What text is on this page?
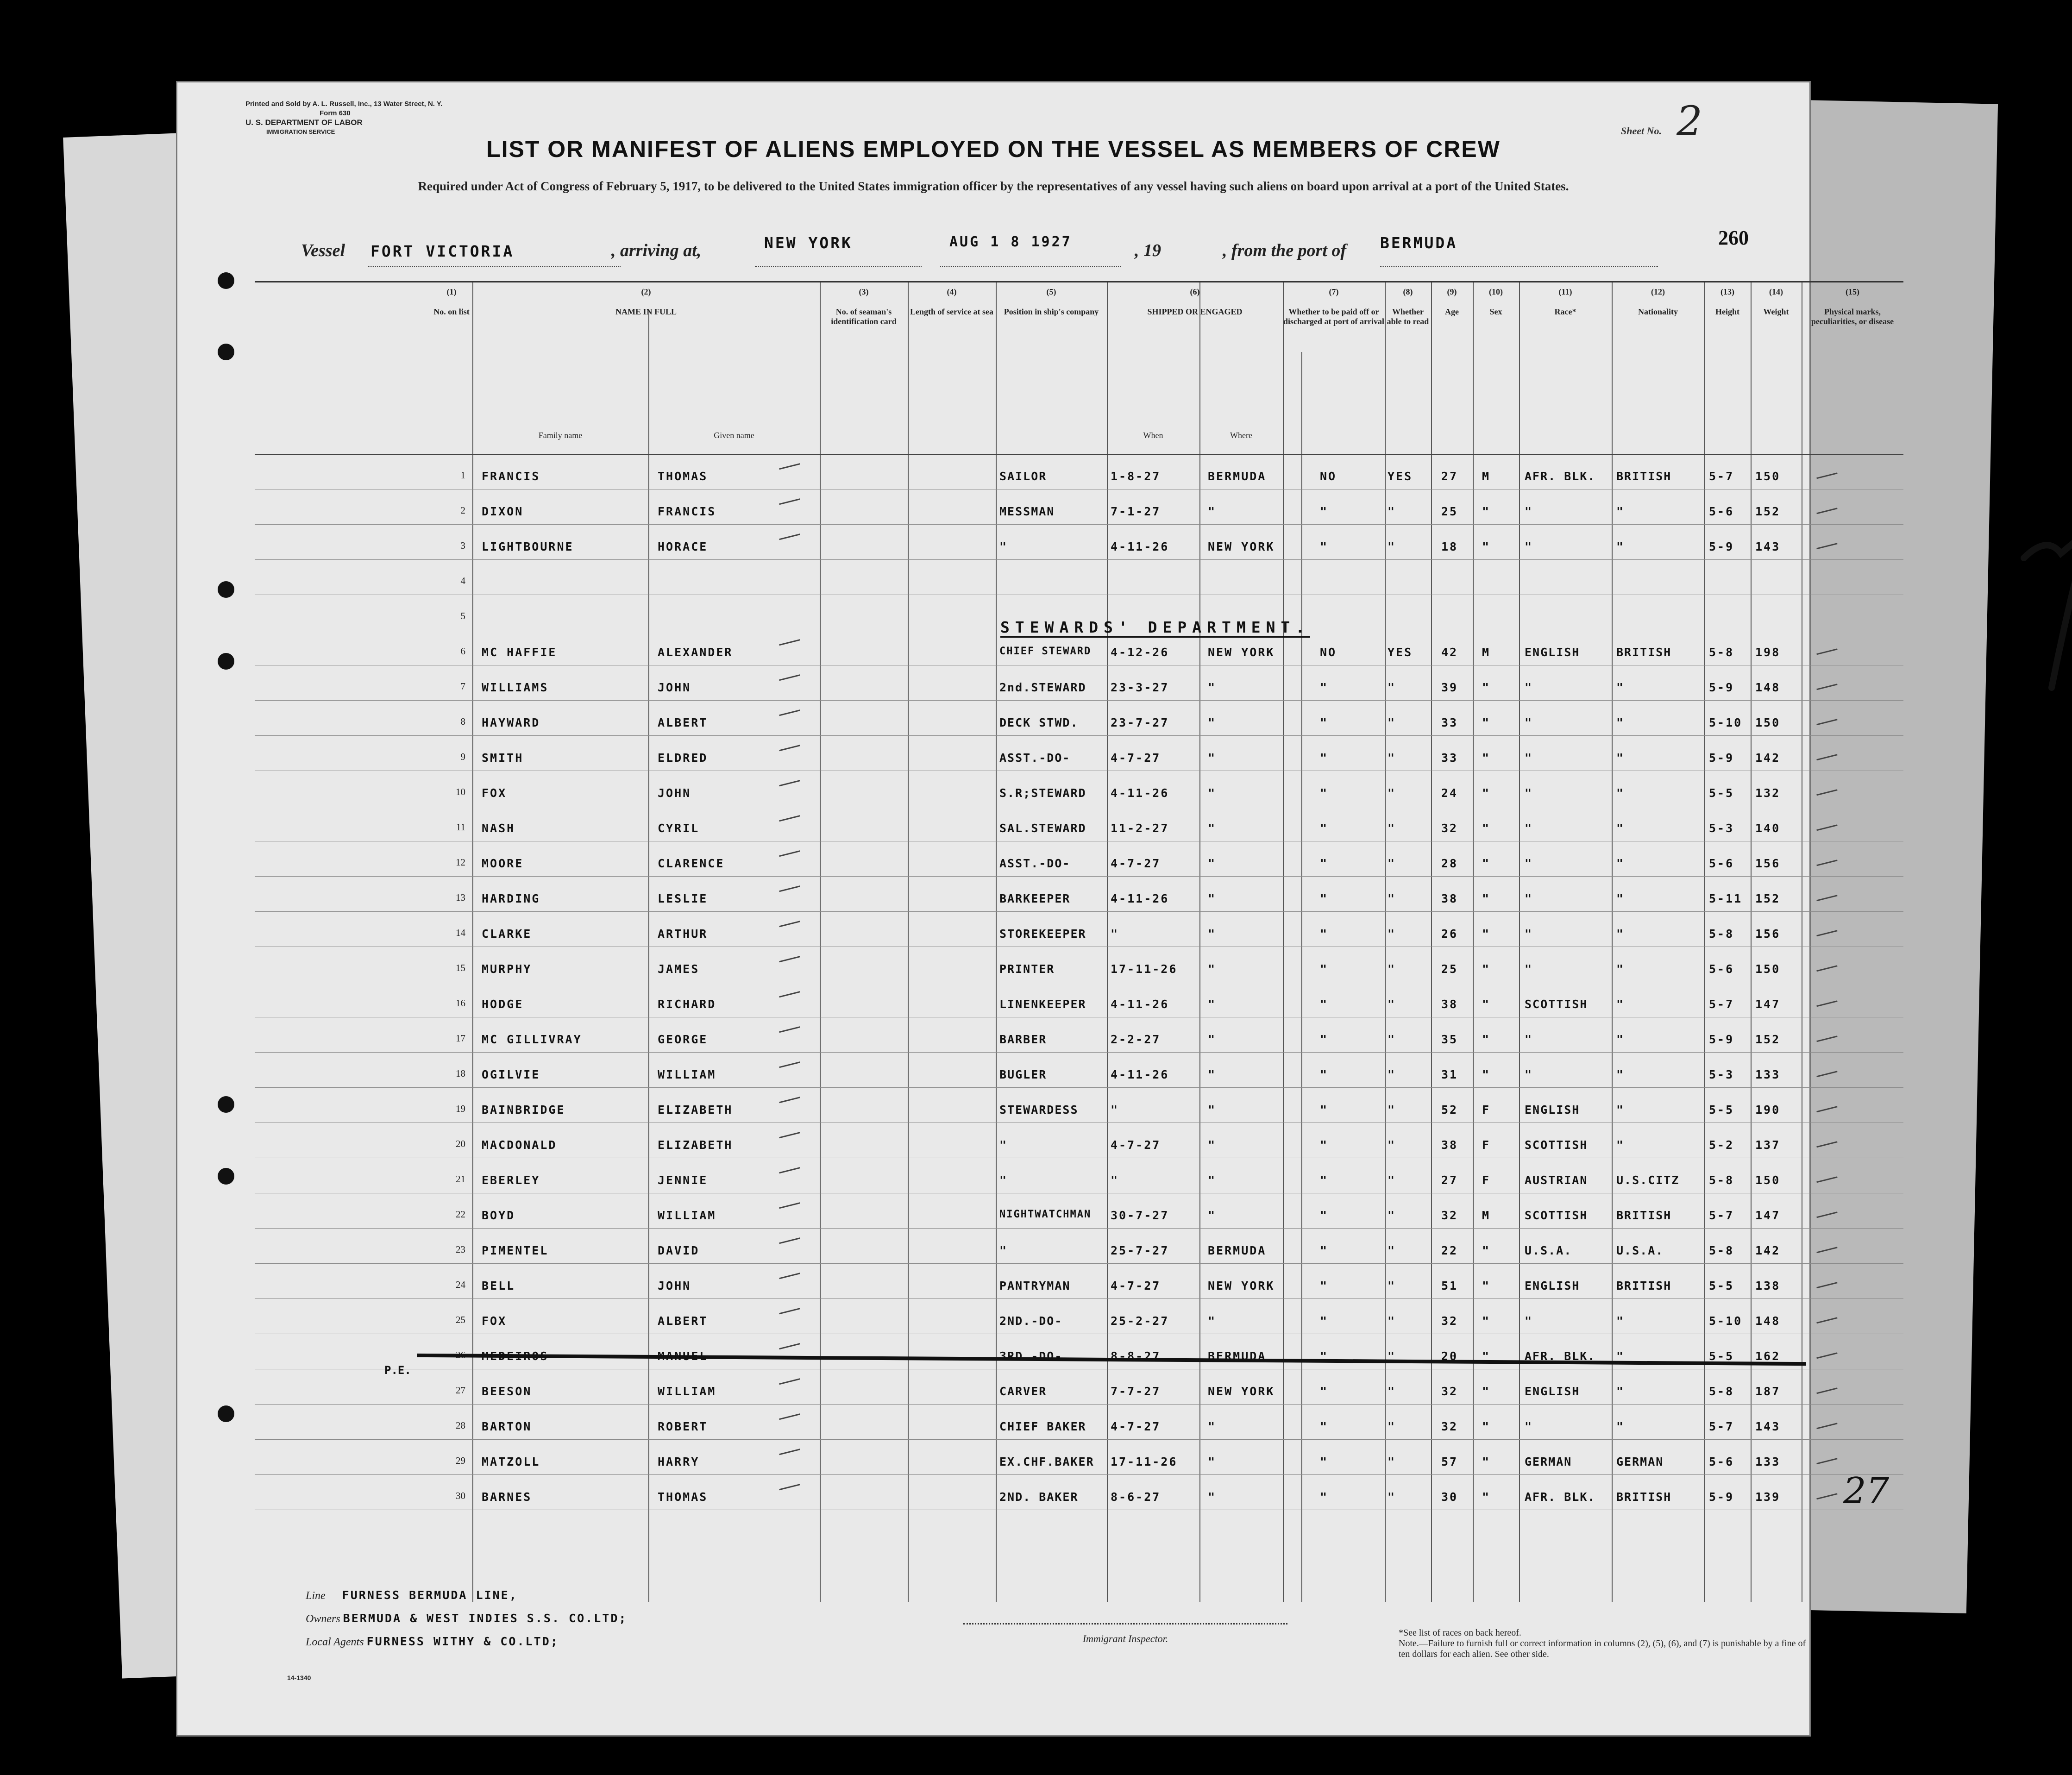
Printed and Sold by A. L. Russell, Inc., 13 Water Street, N. Y.
Form 630
U. S. DEPARTMENT OF LABOR
IMMIGRATION SERVICE	Sheet No. 2
LIST OR MANIFEST OF ALIENS EMPLOYED ON THE VESSEL AS MEMBERS OF CREW
Required under Act of Congress of February 5, 1917, to be delivered to the United States immigration officer by the representatives of any vessel having such aliens on board upon arrival at a port of the United States.
260
Vessel FORT VICTORIA	, arriving at,	NEW YORK	AUG 1 8 1927	, 19	, from the port of BERMUDA
(1)
No. on list
(2)
NAME IN FULL
(3)
No. of seaman's identification card
(4)
Length of service at sea
(5)
Position in ship's company
(6)
SHIPPED OR ENGAGED
(7)
Whether to be paid off or discharged at port of arrival
(8)
Whether able to read
(9)
Age
(10)
Sex
(11)
Race*
(12)
Nationality
(13)
Height
(14)
Weight
(15)
Physical marks, peculiarities, or disease
Family name	Given name	When	Where
1 FRANCIS	THOMAS	SAILOR	1-8-27	BERMUDA	NO	YES 27 M	AFR. BLK. BRITISH	5-7 150
2 DIXON	FRANCIS	MESSMAN	7-1-27	"	"	"	25 "	"	"	5-6 152
3 LIGHTBOURNE	HORACE	"	4-11-26	NEW YORK	"	"	18 "	"	"	5-9 143
4
5
6 MC HAFFIE	ALEXANDER	CHIEF STEWARD 4-12-26	NEW YORK	NO	YES 42 M	ENGLISH	BRITISH	5-8 198
7 WILLIAMS	JOHN	2nd.STEWARD 23-3-27	"	"	"	39 "	"	"	5-9 148
8 HAYWARD	ALBERT	DECK STWD.	23-7-27	"	"	"	33 "	"	"	5-10 150
9 SMITH	ELDRED	ASST.-DO-	4-7-27	"	"	"	33 "	"	"	5-9 142
10 FOX	JOHN	S.R;STEWARD 4-11-26	"	"	"	24 "	"	"	5-5 132
11 NASH	CYRIL	SAL.STEWARD 11-2-27	"	"	"	32 "	"	"	5-3 140
12 MOORE	CLARENCE	ASST.-DO-	4-7-27	"	"	"	28 "	"	"	5-6 156
13 HARDING	LESLIE	BARKEEPER	4-11-26	"	"	"	38 "	"	"	5-11 152
14 CLARKE	ARTHUR	STOREKEEPER "	"	"	"	26 "	"	"	5-8 156
15 MURPHY	JAMES	PRINTER	17-11-26	"	"	"	25 "	"	"	5-6 150
16 HODGE	RICHARD	LINENKEEPER 4-11-26	"	"	"	38 "	SCOTTISH "	5-7 147
17 MC GILLIVRAY	GEORGE	BARBER	2-2-27	"	"	"	35 "	"	"	5-9 152
18 OGILVIE	WILLIAM	BUGLER	4-11-26	"	"	"	31 "	"	"	5-3 133
19 BAINBRIDGE	ELIZABETH	STEWARDESS	"	"	"	"	52 F	ENGLISH	"	5-5 190
20 MACDONALD	ELIZABETH	"	4-7-27	"	"	"	38 F	SCOTTISH "	5-2 137
21 EBERLEY	JENNIE	"	"	"	"	"	27 F	AUSTRIAN U.S.CITZ	5-8 150
22 BOYD	WILLIAM	NIGHTWATCHMAN 30-7-27	"	"	"	32 M	SCOTTISH BRITISH	5-7 147
23 PIMENTEL	DAVID	"	25-7-27	BERMUDA	"	"	22 "	U.S.A.	U.S.A.	5-8 142
24 BELL	JOHN	PANTRYMAN	4-7-27	NEW YORK	"	"	51 "	ENGLISH	BRITISH	5-5 138
25 FOX	ALBERT	2ND.-DO-	25-2-27	"	"	"	32 "	"	"	5-10 148
26 MEDEIROS	MANUEL	3RD.-DO-	8-8-27	BERMUDA	"	"	20 "	AFR. BLK. "	5-5 162
27 BEESON	WILLIAM	CARVER	7-7-27	NEW YORK	"	"	32 "	ENGLISH	"	5-8 187
28 BARTON	ROBERT	CHIEF BAKER 4-7-27	"	"	"	32 "	"	"	5-7 143
29 MATZOLL	HARRY	EX.CHF.BAKER 17-11-26	"	"	"	57 "	GERMAN	GERMAN	5-6 133
30 BARNES	THOMAS	2ND. BAKER	8-6-27	"	"	"	30 "	AFR. BLK. BRITISH	5-9 139
STEWARDS' DEPARTMENT.
P.E.
27
Line FURNESS BERMUDA LINE,
Owners BERMUDA & WEST INDIES S.S. CO.LTD;
Local Agents FURNESS WITHY & CO.LTD;	Immigrant Inspector.	*See list of races on back hereof.
Note.—Failure to furnish full or correct information in columns (2), (5), (6), and (7) is punishable by a fine of ten dollars for each alien. See other side.
14-1340
